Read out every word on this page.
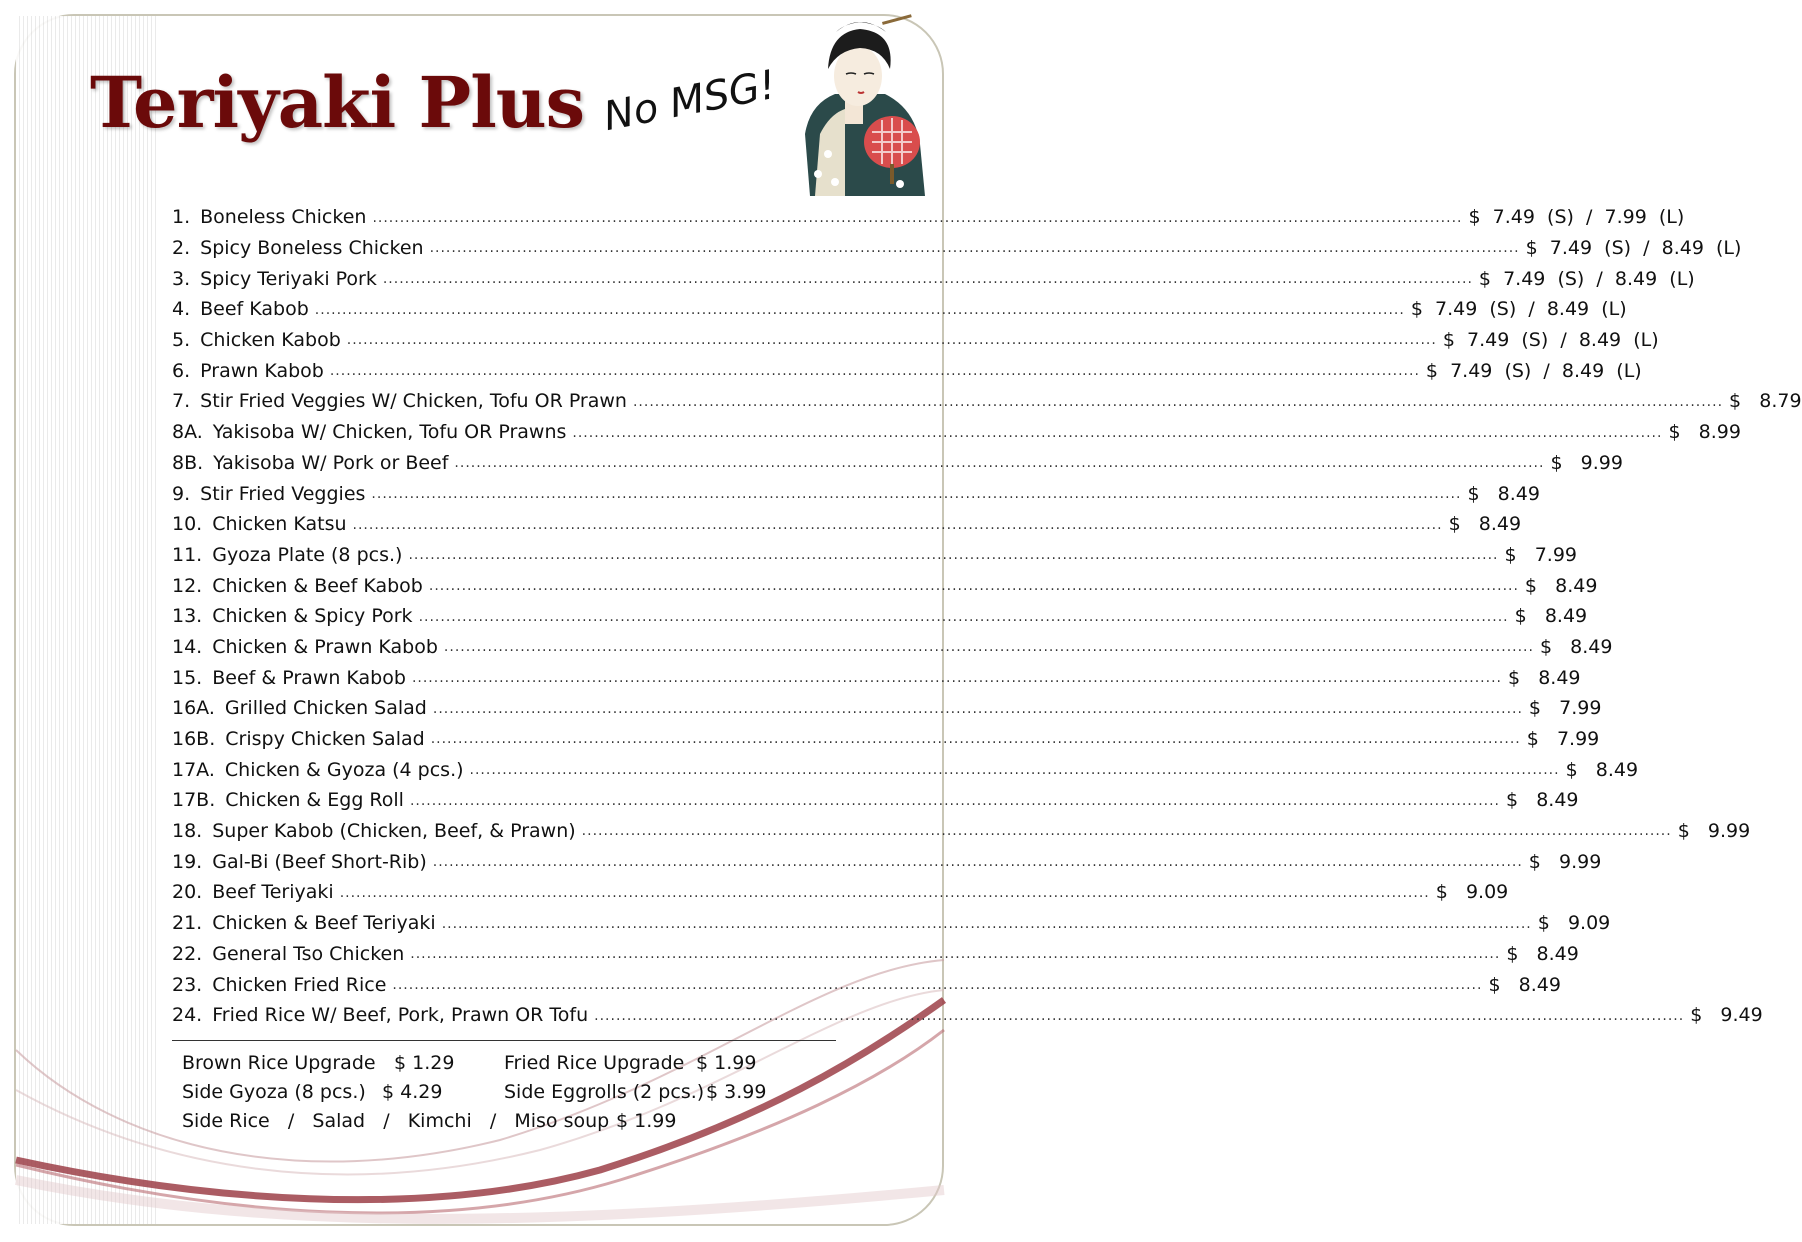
Teriyaki Plus No MSG!

1. Boneless Chicken ........................................................................................................................................................................................................ $  7.49  (S)  /  7.99  (L)
2. Spicy Boneless Chicken ........................................................................................................................................................................................................ $  7.49  (S)  /  8.49  (L)
3. Spicy Teriyaki Pork ........................................................................................................................................................................................................ $  7.49  (S)  /  8.49  (L)
4. Beef Kabob ........................................................................................................................................................................................................ $  7.49  (S)  /  8.49  (L)
5. Chicken Kabob ........................................................................................................................................................................................................ $  7.49  (S)  /  8.49  (L)
6. Prawn Kabob ........................................................................................................................................................................................................ $  7.49  (S)  /  8.49  (L)
7. Stir Fried Veggies W/ Chicken, Tofu OR Prawn ........................................................................................................................................................................................................ $   8.79
8A. Yakisoba W/ Chicken, Tofu OR Prawns ........................................................................................................................................................................................................ $   8.99
8B. Yakisoba W/ Pork or Beef ........................................................................................................................................................................................................ $   9.99
9. Stir Fried Veggies ........................................................................................................................................................................................................ $   8.49
10. Chicken Katsu ........................................................................................................................................................................................................ $   8.49
11. Gyoza Plate (8 pcs.) ........................................................................................................................................................................................................ $   7.99
12. Chicken & Beef Kabob ........................................................................................................................................................................................................ $   8.49
13. Chicken & Spicy Pork ........................................................................................................................................................................................................ $   8.49
14. Chicken & Prawn Kabob ........................................................................................................................................................................................................ $   8.49
15. Beef & Prawn Kabob ........................................................................................................................................................................................................ $   8.49
16A. Grilled Chicken Salad ........................................................................................................................................................................................................ $   7.99
16B. Crispy Chicken Salad ........................................................................................................................................................................................................ $   7.99
17A. Chicken & Gyoza (4 pcs.) ........................................................................................................................................................................................................ $   8.49
17B. Chicken & Egg Roll ........................................................................................................................................................................................................ $   8.49
18. Super Kabob (Chicken, Beef, & Prawn) ........................................................................................................................................................................................................ $   9.99
19. Gal-Bi (Beef Short-Rib) ........................................................................................................................................................................................................ $   9.99
20. Beef Teriyaki ........................................................................................................................................................................................................ $   9.09
21. Chicken & Beef Teriyaki ........................................................................................................................................................................................................ $   9.09
22. General Tso Chicken ........................................................................................................................................................................................................ $   8.49
23. Chicken Fried Rice ........................................................................................................................................................................................................ $   8.49
24. Fried Rice W/ Beef, Pork, Prawn OR Tofu ........................................................................................................................................................................................................ $   9.49
Brown Rice Upgrade $ 1.29	Fried Rice Upgrade $ 1.99
Side Gyoza (8 pcs.) $ 4.29	Side Eggrolls (2 pcs.) $ 3.99
Side Rice   /   Salad   /   Kimchi   /   Miso soup $ 1.99
